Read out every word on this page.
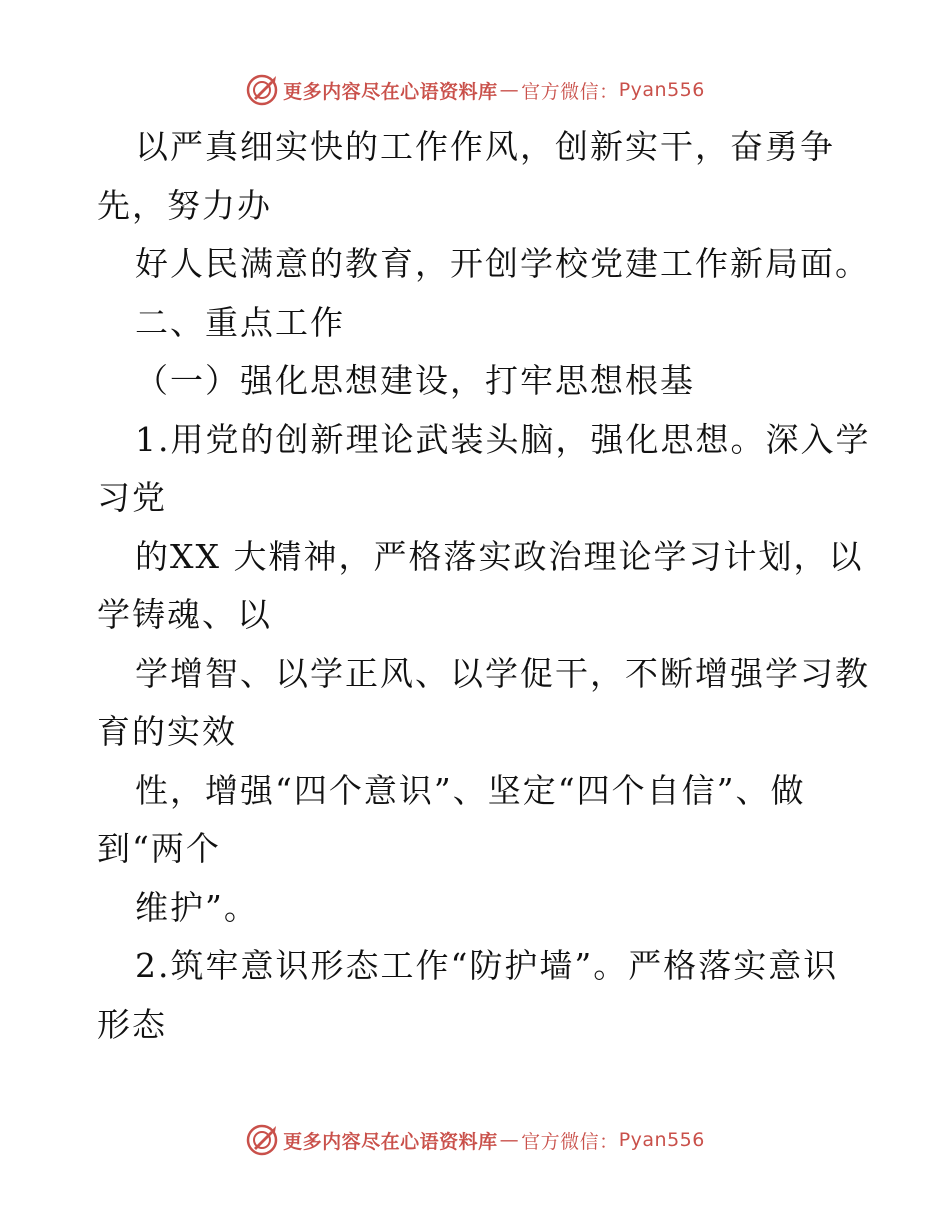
更多内容尽在心语资料库 — 官方微信： Pyan556
以严真细实快的工作作风，创新实干，奋勇争
先，努力办
好人民满意的教育，开创学校党建工作新局面。
二、重点工作
（一）强化思想建设，打牢思想根基
1.用党的创新理论武装头脑，强化思想。深入学
习党
的XX 大精神，严格落实政治理论学习计划，以
学铸魂、以
学增智、以学正风、以学促干，不断增强学习教
育的实效
性，增强“四个意识”、坚定“四个自信”、做
到“两个
维护”。
2.筑牢意识形态工作“防护墙”。严格落实意识
形态
更多内容尽在心语资料库 — 官方微信： Pyan556
